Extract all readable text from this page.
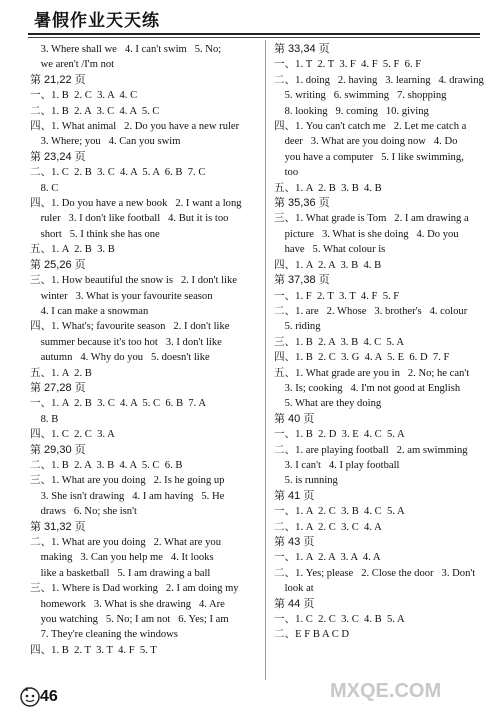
暑假作业天天练
3. Where shall we   4. I can't swim   5. No;
we aren't /I'm not
第 21,22 页
一、1. B  2. C  3. A  4. C
二、1. B  2. A  3. C  4. A  5. C
四、1. What animal   2. Do you have a new ruler
3. Where; you   4. Can you swim
第 23,24 页
二、1. C  2. B  3. C  4. A  5. A  6. B  7. C
8. C
四、1. Do you have a new book   2. I want a long
ruler   3. I don't like football   4. But it is too
short   5. I think she has one
五、1. A  2. B  3. B
第 25,26 页
三、1. How beautiful the snow is   2. I don't like
winter   3. What is your favourite season
4. I can make a snowman
四、1. What's; favourite season   2. I don't like
summer because it's too hot   3. I don't like
autumn   4. Why do you   5. doesn't like
五、1. A  2. B
第 27,28 页
一、1. A  2. B  3. C  4. A  5. C  6. B  7. A
8. B
四、1. C  2. C  3. A
第 29,30 页
二、1. B  2. A  3. B  4. A  5. C  6. B
三、1. What are you doing   2. Is he going up
3. She isn't drawing   4. I am having   5. He
draws   6. No; she isn't
第 31,32 页
二、1. What are you doing   2. What are you
making   3. Can you help me   4. It looks
like a basketball   5. I am drawing a ball
三、1. Where is Dad working   2. I am doing my
homework   3. What is she drawing   4. Are
you watching   5. No; I am not   6. Yes; I am
7. They're cleaning the windows
四、1. B  2. T  3. T  4. F  5. T
第 33,34 页
一、1. T  2. T  3. F  4. F  5. F  6. F
二、1. doing   2. having   3. learning   4. drawing
5. writing   6. swimming   7. shopping
8. looking   9. coming   10. giving
四、1. You can't catch me   2. Let me catch a
deer   3. What are you doing now   4. Do
you have a computer   5. I like swimming,
too
五、1. A  2. B  3. B  4. B
第 35,36 页
三、1. What grade is Tom   2. I am drawing a
picture   3. What is she doing   4. Do you
have   5. What colour is
四、1. A  2. A  3. B  4. B
第 37,38 页
一、1. F  2. T  3. T  4. F  5. F
二、1. are   2. Whose   3. brother's   4. colour
5. riding
三、1. B  2. A  3. B  4. C  5. A
四、1. B  2. C  3. G  4. A  5. E  6. D  7. F
五、1. What grade are you in   2. No; he can't
3. Is; cooking   4. I'm not good at English
5. What are they doing
第 40 页
一、1. B  2. D  3. E  4. C  5. A
二、1. are playing football   2. am swimming
3. I can't   4. I play football
5. is running
第 41 页
一、1. A  2. C  3. B  4. C  5. A
二、1. A  2. C  3. C  4. A
第 43 页
一、1. A  2. A  3. A  4. A
二、1. Yes; please   2. Close the door   3. Don't
look at
第 44 页
一、1. C  2. C  3. C  4. B  5. A
二、E F B A C D
MXQE.COM
46
